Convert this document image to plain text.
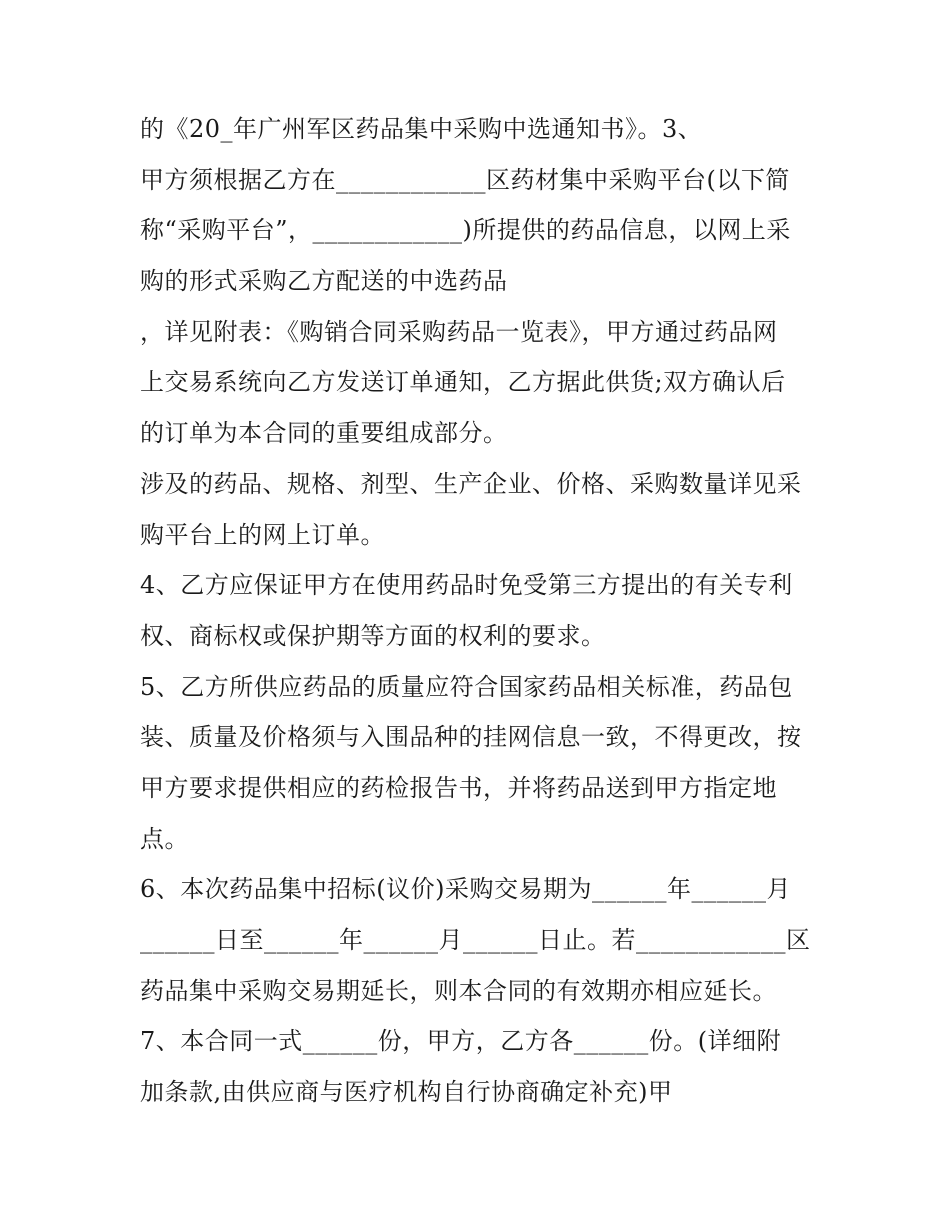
的《20_年广州军区药品集中采购中选通知书》。3、
甲方须根据乙方在____________区药材集中采购平台(以下简
称“采购平台”，____________)所提供的药品信息，以网上采
购的形式采购乙方配送的中选药品
，详见附表：《购销合同采购药品一览表》，甲方通过药品网
上交易系统向乙方发送订单通知，乙方据此供货;双方确认后
的订单为本合同的重要组成部分。
涉及的药品、规格、剂型、生产企业、价格、采购数量详见采
购平台上的网上订单。
4、乙方应保证甲方在使用药品时免受第三方提出的有关专利
权、商标权或保护期等方面的权利的要求。
5、乙方所供应药品的质量应符合国家药品相关标准，药品包
装、质量及价格须与入围品种的挂网信息一致，不得更改，按
甲方要求提供相应的药检报告书，并将药品送到甲方指定地
点。
6、本次药品集中招标(议价)采购交易期为______年______月
______日至______年______月______日止。若____________区
药品集中采购交易期延长，则本合同的有效期亦相应延长。
7、本合同一式______份，甲方，乙方各______份。(详细附
加条款,由供应商与医疗机构自行协商确定补充)甲
